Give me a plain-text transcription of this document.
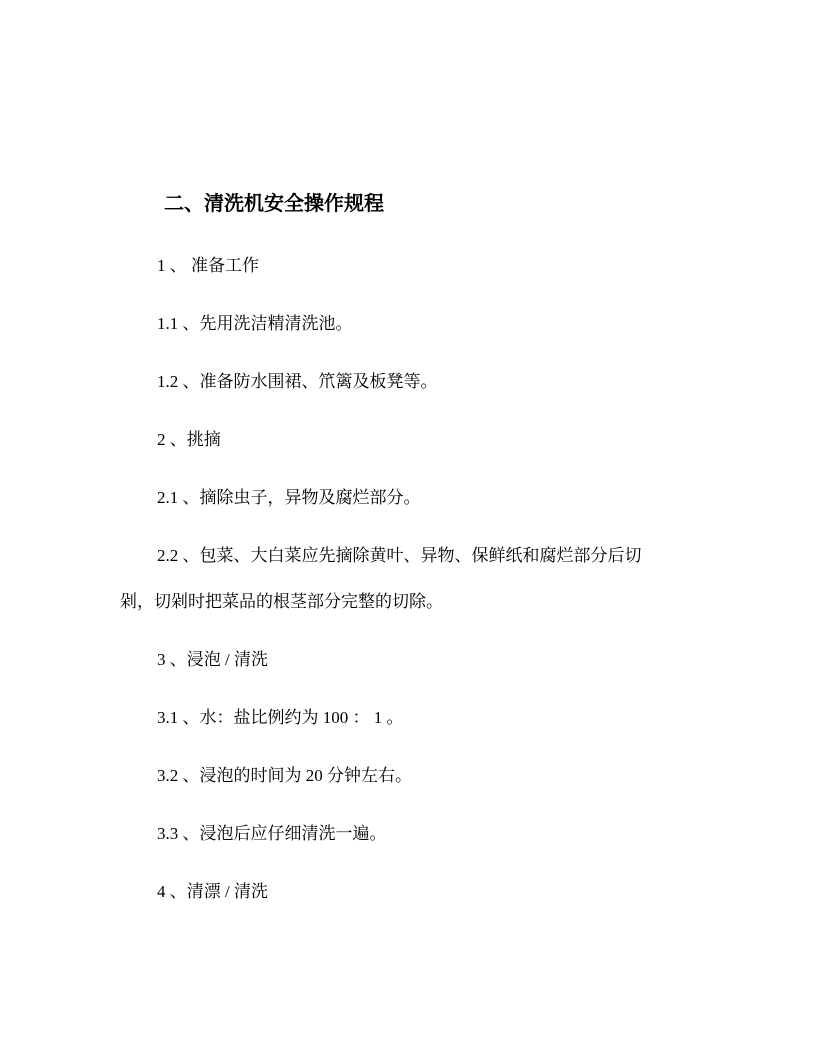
二、清洗机安全操作规程
1 、 准备工作
1.1 、先用洗洁精清洗池。
1.2 、准备防水围裙、笊篱及板凳等。
2 、挑摘
2.1 、摘除虫子，异物及腐烂部分。
2.2 、包菜、大白菜应先摘除黄叶、异物、保鲜纸和腐烂部分后切
剁，切剁时把菜品的根茎部分完整的切除。
3 、浸泡 / 清洗
3.1 、水：盐比例约为 100 ： 1 。
3.2 、浸泡的时间为 20 分钟左右。
3.3 、浸泡后应仔细清洗一遍。
4 、清漂 / 清洗
